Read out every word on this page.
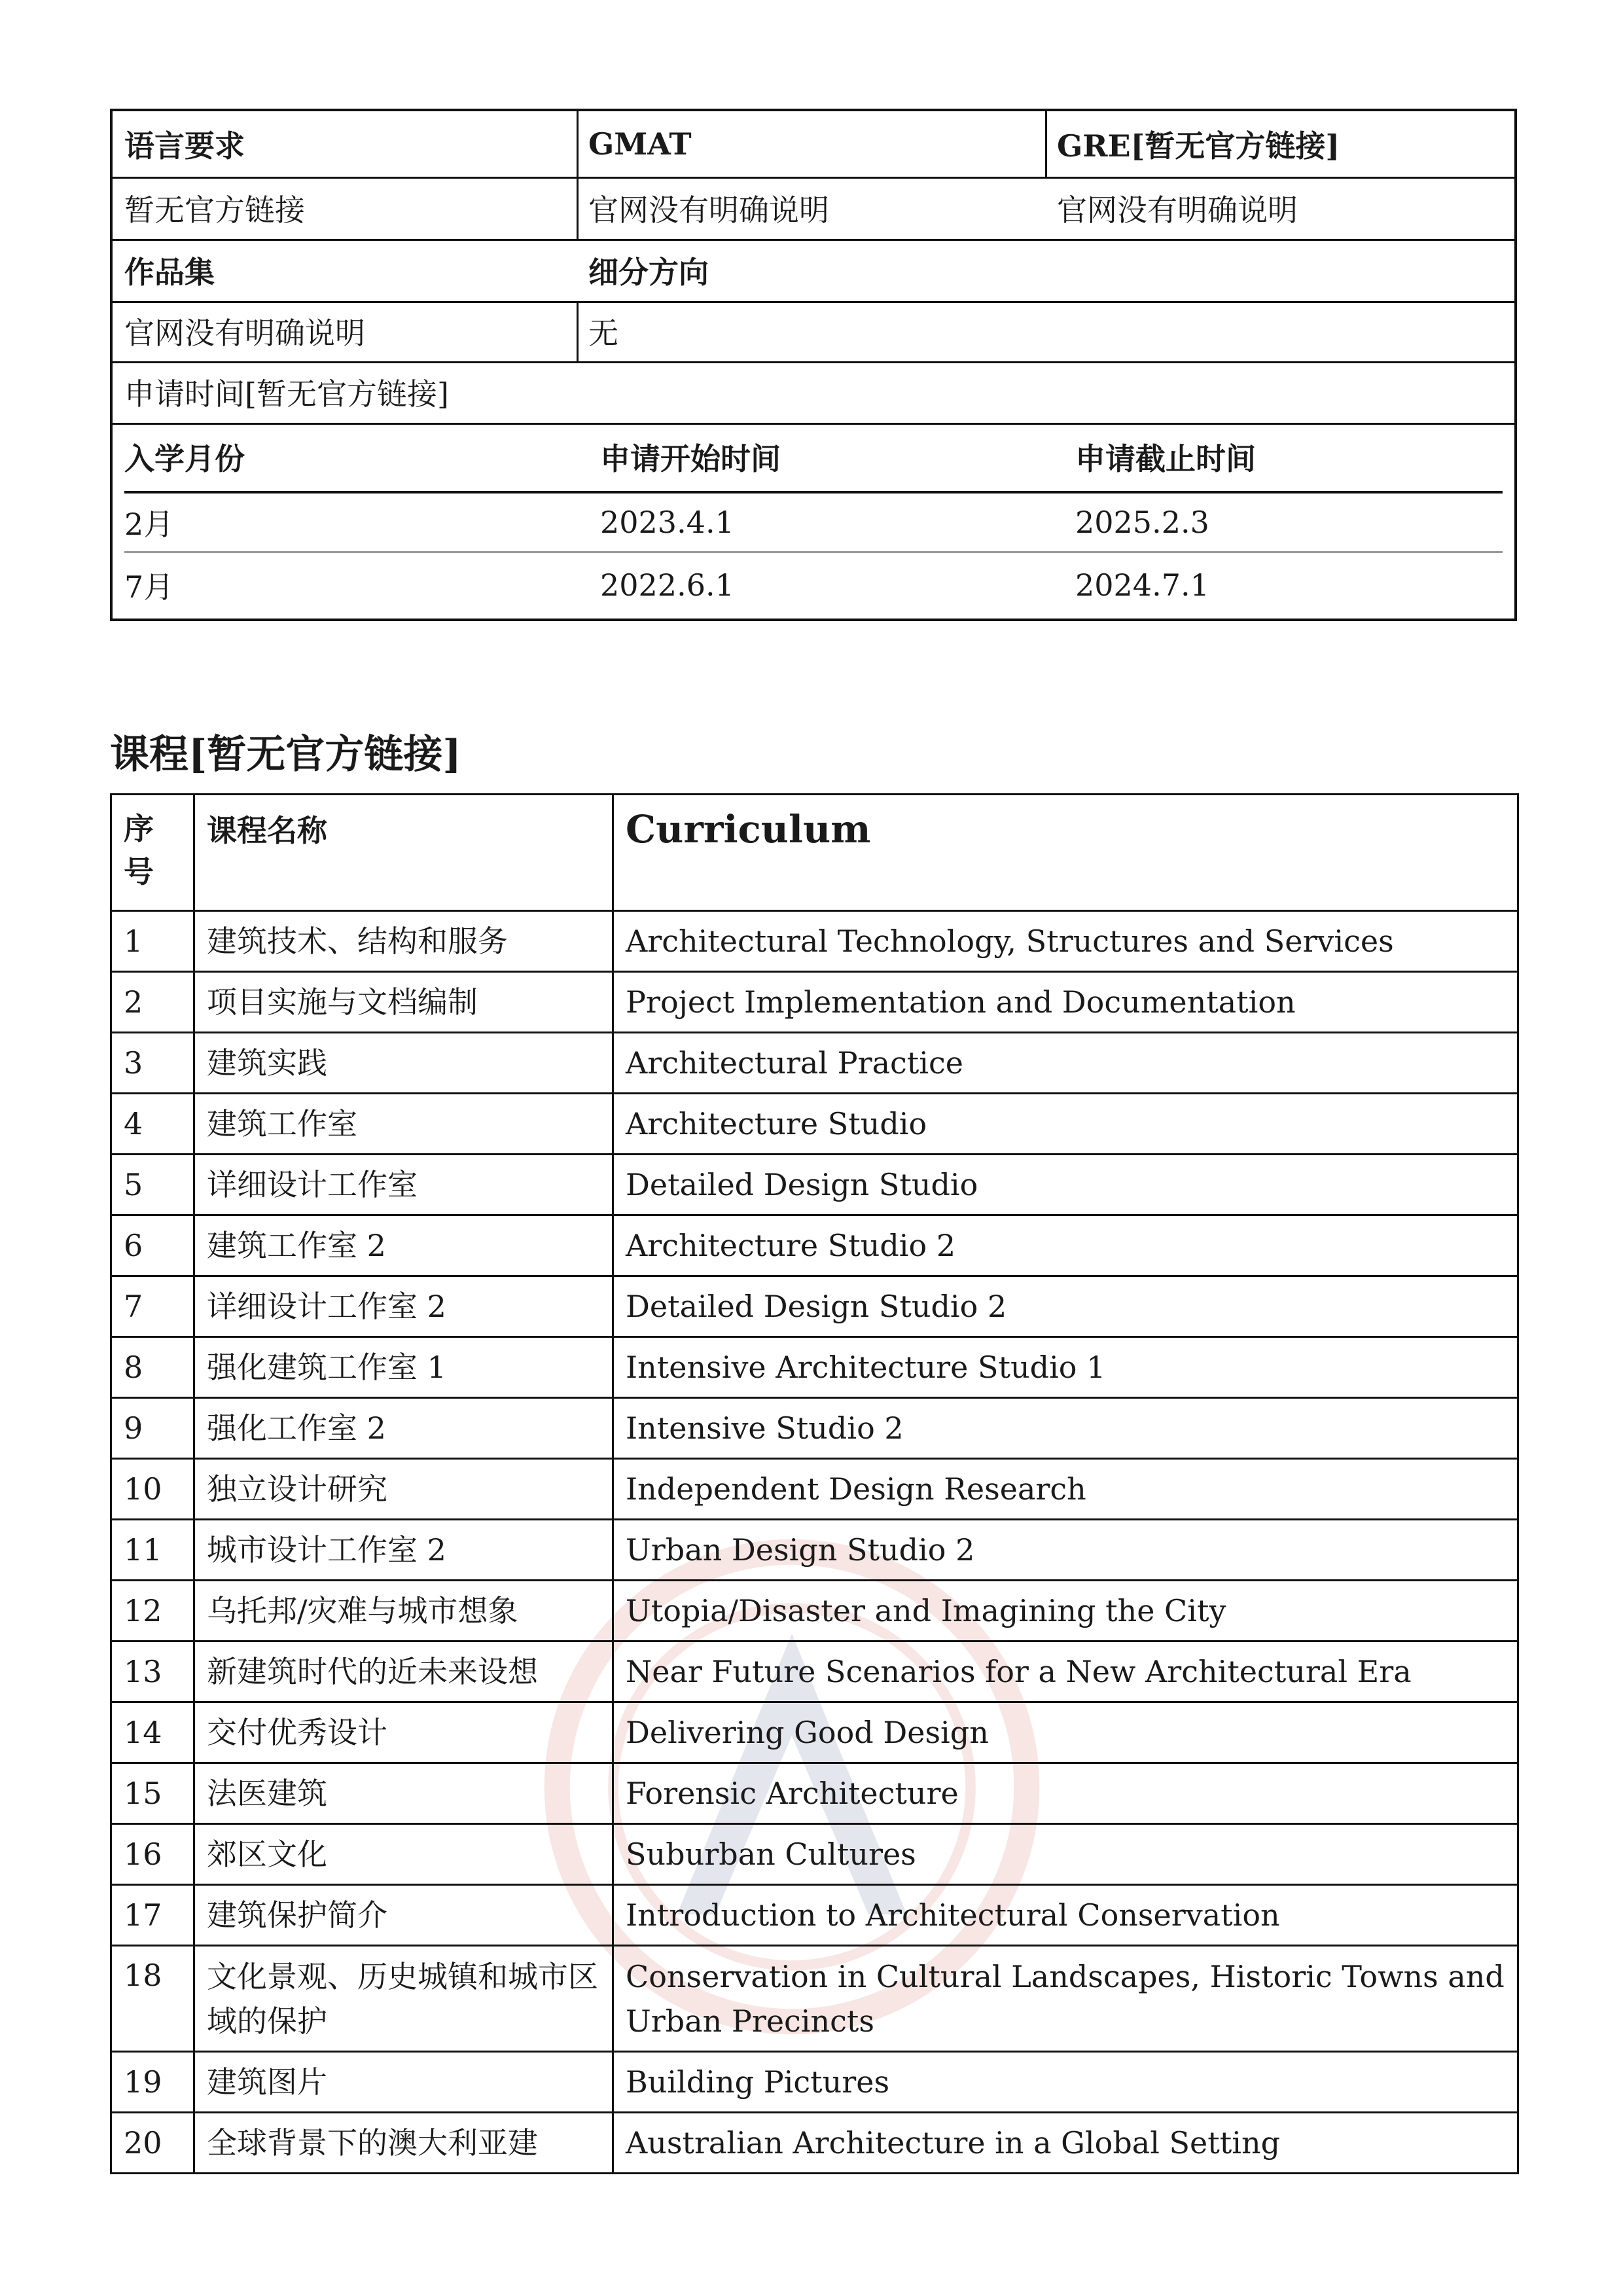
语言要求	GMAT	GRE[暂无官方链接]
暂无官方链接	官网没有明确说明	官网没有明确说明
作品集	细分方向
官网没有明确说明	无
申请时间[暂无官方链接]
入学月份	申请开始时间	申请截止时间
2月	2023.4.1	2025.2.3
7月	2022.6.1	2024.7.1
课程[暂无官方链接]
序号	课程名称	Curriculum
1	建筑技术、结构和服务	Architectural Technology, Structures and Services
2	项目实施与文档编制	Project Implementation and Documentation
3	建筑实践	Architectural Practice
4	建筑工作室	Architecture Studio
5	详细设计工作室	Detailed Design Studio
6	建筑工作室 2	Architecture Studio 2
7	详细设计工作室 2	Detailed Design Studio 2
8	强化建筑工作室 1	Intensive Architecture Studio 1
9	强化工作室 2	Intensive Studio 2
10	独立设计研究	Independent Design Research
11	城市设计工作室 2	Urban Design Studio 2
12	乌托邦/灾难与城市想象	Utopia/Disaster and Imagining the City
13	新建筑时代的近未来设想	Near Future Scenarios for a New Architectural Era
14	交付优秀设计	Delivering Good Design
15	法医建筑	Forensic Architecture
16	郊区文化	Suburban Cultures
17	建筑保护简介	Introduction to Architectural Conservation
18	文化景观、历史城镇和城市区域的保护	Conservation in Cultural Landscapes, Historic Towns and Urban Precincts
19	建筑图片	Building Pictures
20	全球背景下的澳大利亚建	Australian Architecture in a Global Setting
